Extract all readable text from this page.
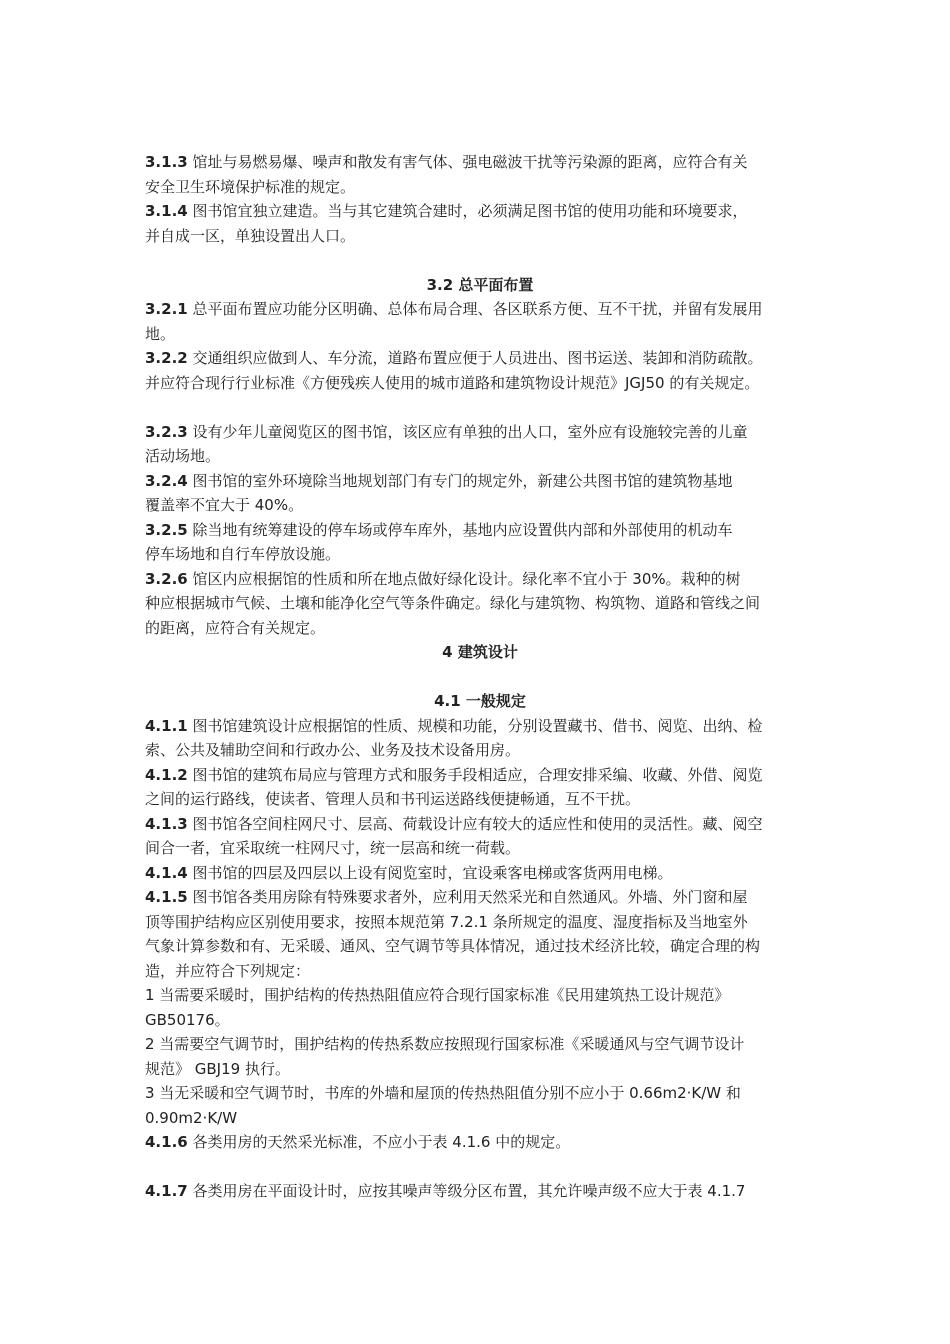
3.1.3 馆址与易燃易爆、噪声和散发有害气体、强电磁波干扰等污染源的距离，应符合有关
安全卫生环境保护标准的规定。
3.1.4 图书馆宜独立建造。当与其它建筑合建时，必须满足图书馆的使用功能和环境要求，
并自成一区，单独设置出人口。
3.2 总平面布置
3.2.1 总平面布置应功能分区明确、总体布局合理、各区联系方便、互不干扰，并留有发展用
地。
3.2.2 交通组织应做到人、车分流，道路布置应便于人员进出、图书运送、装卸和消防疏散。
并应符合现行行业标准《方便残疾人使用的城市道路和建筑物设计规范》JGJ50 的有关规定。
3.2.3 设有少年儿童阅览区的图书馆，该区应有单独的出人口，室外应有设施较完善的儿童
活动场地。
3.2.4 图书馆的室外环境除当地规划部门有专门的规定外，新建公共图书馆的建筑物基地
覆盖率不宜大于 40%。
3.2.5 除当地有统筹建设的停车场或停车库外，基地内应设置供内部和外部使用的机动车
停车场地和自行车停放设施。
3.2.6 馆区内应根据馆的性质和所在地点做好绿化设计。绿化率不宜小于 30%。栽种的树
种应根据城市气候、土壤和能净化空气等条件确定。绿化与建筑物、构筑物、道路和管线之间
的距离，应符合有关规定。
4 建筑设计
4.1 一般规定
4.1.1 图书馆建筑设计应根据馆的性质、规模和功能，分别设置藏书、借书、阅览、出纳、检
索、公共及辅助空间和行政办公、业务及技术设备用房。
4.1.2 图书馆的建筑布局应与管理方式和服务手段相适应，合理安排采编、收藏、外借、阅览
之间的运行路线，使读者、管理人员和书刊运送路线便捷畅通，互不干扰。
4.1.3 图书馆各空间柱网尺寸、层高、荷载设计应有较大的适应性和使用的灵活性。藏、阅空
间合一者，宜采取统一柱网尺寸，统一层高和统一荷载。
4.1.4 图书馆的四层及四层以上设有阅览室时，宜设乘客电梯或客货两用电梯。
4.1.5 图书馆各类用房除有特殊要求者外，应利用天然采光和自然通风。外墙、外门窗和屋
顶等围护结构应区别使用要求，按照本规范第 7.2.1 条所规定的温度、湿度指标及当地室外
气象计算参数和有、无采暖、通风、空气调节等具体情况，通过技术经济比较，确定合理的构
造，并应符合下列规定：
1 当需要采暖时，围护结构的传热热阻值应符合现行国家标准《民用建筑热工设计规范》
GB50176。
2 当需要空气调节时，围护结构的传热系数应按照现行国家标准《采暖通风与空气调节设计
规范》 GBJ19 执行。
3 当无采暖和空气调节时，书库的外墙和屋顶的传热热阻值分别不应小于 0.66m2·K/W 和
0.90m2·K/W
4.1.6 各类用房的天然采光标准，不应小于表 4.1.6 中的规定。
4.1.7 各类用房在平面设计时，应按其噪声等级分区布置，其允许噪声级不应大于表 4.1.7
